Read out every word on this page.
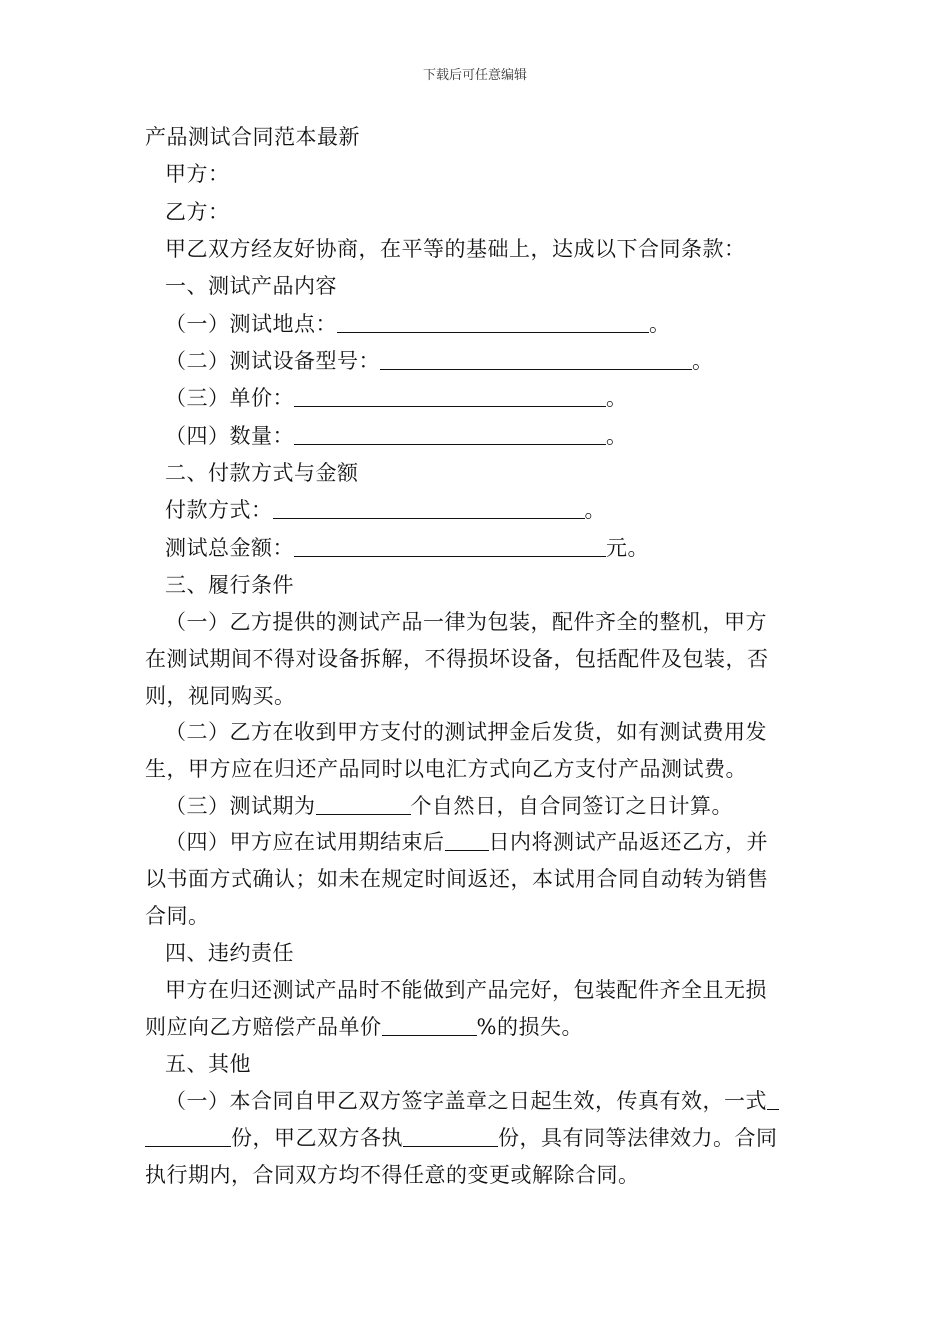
下载后可任意编辑
产品测试合同范本最新
甲方：
乙方：
甲乙双方经友好协商，在平等的基础上，达成以下合同条款：
一、测试产品内容
（一）测试地点：	。
（二）测试设备型号：	。
（三）单价：	。
（四）数量：	。
二、付款方式与金额
付款方式：	。
测试总金额：	元。
三、履行条件
（一）乙方提供的测试产品一律为包装，配件齐全的整机，甲方
在测试期间不得对设备拆解，不得损坏设备，包括配件及包装，否
则，视同购买。
（二）乙方在收到甲方支付的测试押金后发货，如有测试费用发
生，甲方应在归还产品同时以电汇方式向乙方支付产品测试费。
（三）测试期为	个自然日，自合同签订之日计算。
（四）甲方应在试用期结束后 日内将测试产品返还乙方，并
以书面方式确认；如未在规定时间返还，本试用合同自动转为销售
合同。
四、违约责任
甲方在归还测试产品时不能做到产品完好，包装配件齐全且无损
则应向乙方赔偿产品单价	%的损失。
五、其他
（一）本合同自甲乙双方签字盖章之日起生效，传真有效，一式
份，甲乙双方各执	份，具有同等法律效力。合同
执行期内，合同双方均不得任意的变更或解除合同。
